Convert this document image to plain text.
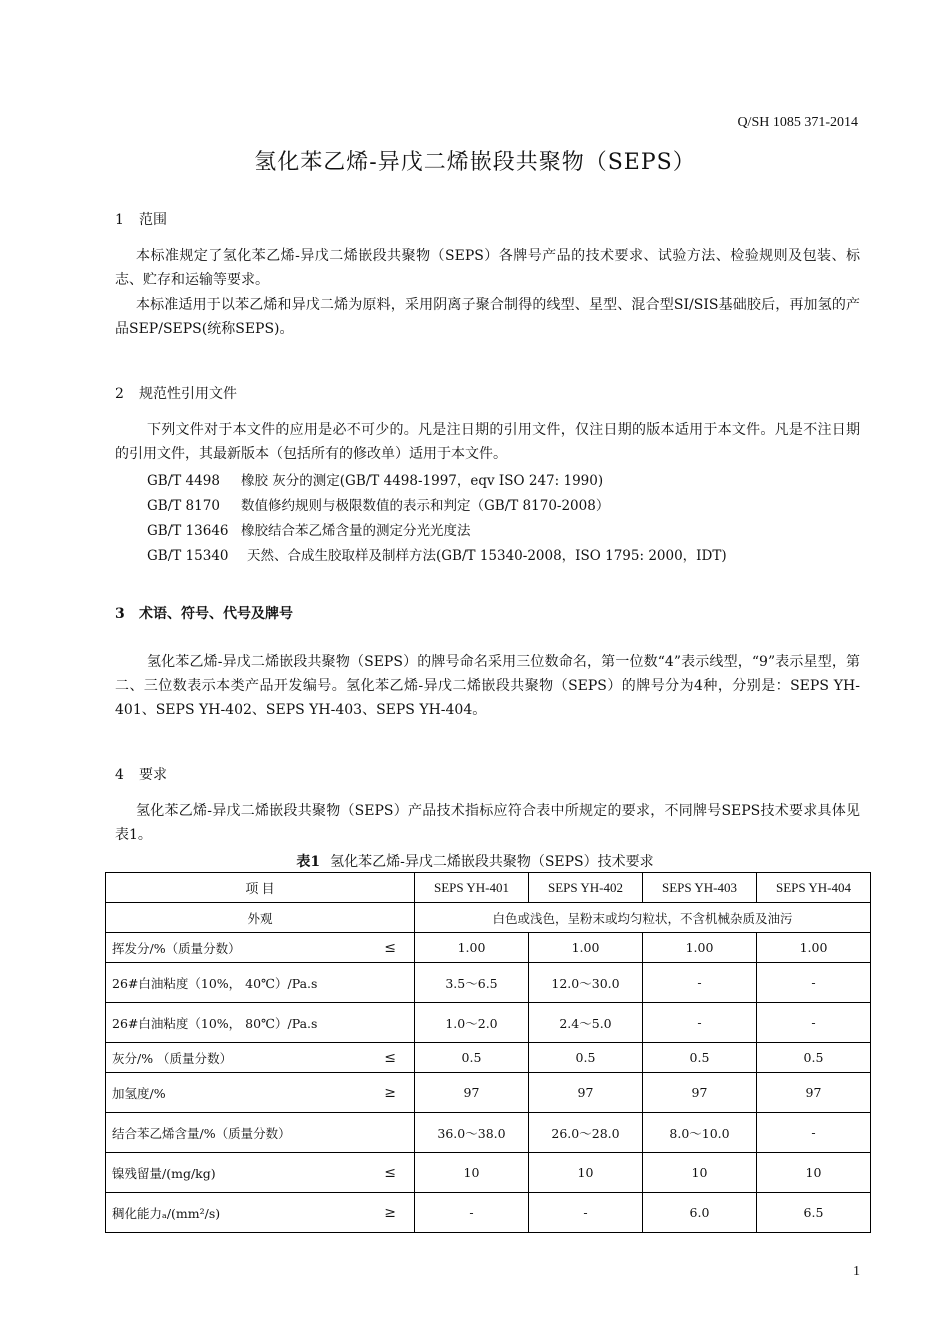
Q/SH 1085 371-2014
氢化苯乙烯-异戊二烯嵌段共聚物（SEPS）
1 范围
本标准规定了氢化苯乙烯-异戊二烯嵌段共聚物（SEPS）各牌号产品的技术要求、试验方法、检验规则及包装、标志、贮存和运输等要求。
本标准适用于以苯乙烯和异戊二烯为原料，采用阴离子聚合制得的线型、星型、混合型SI/SIS基础胶后，再加氢的产品SEP/SEPS(统称SEPS)。
2 规范性引用文件
下列文件对于本文件的应用是必不可少的。凡是注日期的引用文件，仅注日期的版本适用于本文件。凡是不注日期的引用文件，其最新版本（包括所有的修改单）适用于本文件。
GB/T 4498 橡胶 灰分的测定(GB/T 4498-1997，eqv ISO 247: 1990)
GB/T 8170 数值修约规则与极限数值的表示和判定（GB/T 8170-2008）
GB/T 13646 橡胶结合苯乙烯含量的测定分光光度法
GB/T 15340 天然、合成生胶取样及制样方法(GB/T 15340-2008，ISO 1795: 2000，IDT)
3 术语、符号、代号及牌号
氢化苯乙烯-异戊二烯嵌段共聚物（SEPS）的牌号命名采用三位数命名，第一位数“4”表示线型，“9”表示星型，第二、三位数表示本类产品开发编号。氢化苯乙烯-异戊二烯嵌段共聚物（SEPS）的牌号分为4种，分别是：SEPS YH-401、SEPS YH-402、SEPS YH-403、SEPS YH-404。
4 要求
氢化苯乙烯-异戊二烯嵌段共聚物（SEPS）产品技术指标应符合表中所规定的要求，不同牌号SEPS技术要求具体见表1。
表1 氢化苯乙烯-异戊二烯嵌段共聚物（SEPS）技术要求
项 目	SEPS YH-401	SEPS YH-402	SEPS YH-403	SEPS YH-404
外观	白色或浅色，呈粉末或均匀粒状，不含机械杂质及油污			
挥发分/%（质量分数） ≤	1.00	1.00	1.00	1.00
26#白油粘度（10%， 40℃）/Pa.s	3.5～6.5	12.0～30.0	-	-
26#白油粘度（10%， 80℃）/Pa.s	1.0～2.0	2.4～5.0	-	-
灰分/% （质量分数） ≤	0.5	0.5	0.5	0.5
加氢度/% ≥	97	97	97	97
结合苯乙烯含量/%（质量分数）	36.0～38.0	26.0～28.0	8.0～10.0	-
镍残留量/(mg/kg) ≤	10	10	10	10
稠化能力ₐ/(mm²/s) ≥	-	-	6.0	6.5
1
